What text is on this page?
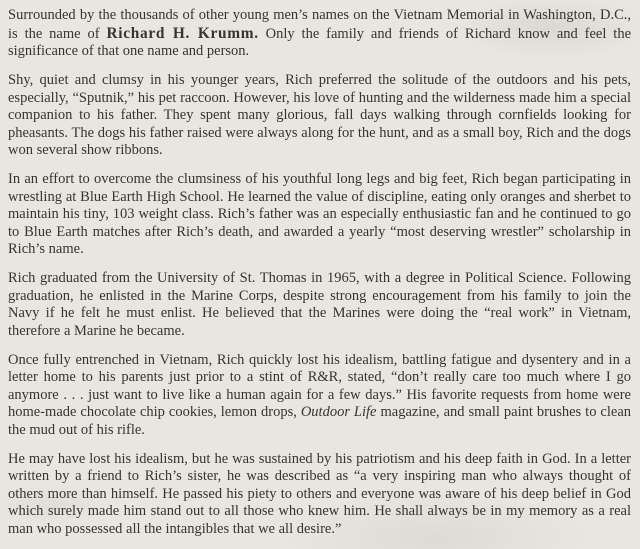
Surrounded by the thousands of other young men’s names on the Vietnam Memorial in Washington, D.C., is the name of Richard H. Krumm. Only the family and friends of Richard know and feel the significance of that one name and person.

Shy, quiet and clumsy in his younger years, Rich preferred the solitude of the outdoors and his pets, especially, “Sputnik,” his pet raccoon. However, his love of hunting and the wilderness made him a special companion to his father. They spent many glorious, fall days walking through cornfields looking for pheasants. The dogs his father raised were always along for the hunt, and as a small boy, Rich and the dogs won several show ribbons.

In an effort to overcome the clumsiness of his youthful long legs and big feet, Rich began participating in wrestling at Blue Earth High School. He learned the value of discipline, eating only oranges and sherbet to maintain his tiny, 103 weight class. Rich’s father was an especially enthusiastic fan and he continued to go to Blue Earth matches after Rich’s death, and awarded a yearly “most deserving wrestler” scholarship in Rich’s name.

Rich graduated from the University of St. Thomas in 1965, with a degree in Political Science. Following graduation, he enlisted in the Marine Corps, despite strong encouragement from his family to join the Navy if he felt he must enlist. He believed that the Marines were doing the “real work” in Vietnam, therefore a Marine he became.

Once fully entrenched in Vietnam, Rich quickly lost his idealism, battling fatigue and dysentery and in a letter home to his parents just prior to a stint of R&R, stated, “don’t really care too much where I go anymore . . . just want to live like a human again for a few days.” His favorite requests from home were home-made chocolate chip cookies, lemon drops, Outdoor Life magazine, and small paint brushes to clean the mud out of his rifle.

He may have lost his idealism, but he was sustained by his patriotism and his deep faith in God. In a letter written by a friend to Rich’s sister, he was described as “a very inspiring man who always thought of others more than himself. He passed his piety to others and everyone was aware of his deep belief in God which surely made him stand out to all those who knew him. He shall always be in my memory as a real man who possessed all the intangibles that we all desire.”
